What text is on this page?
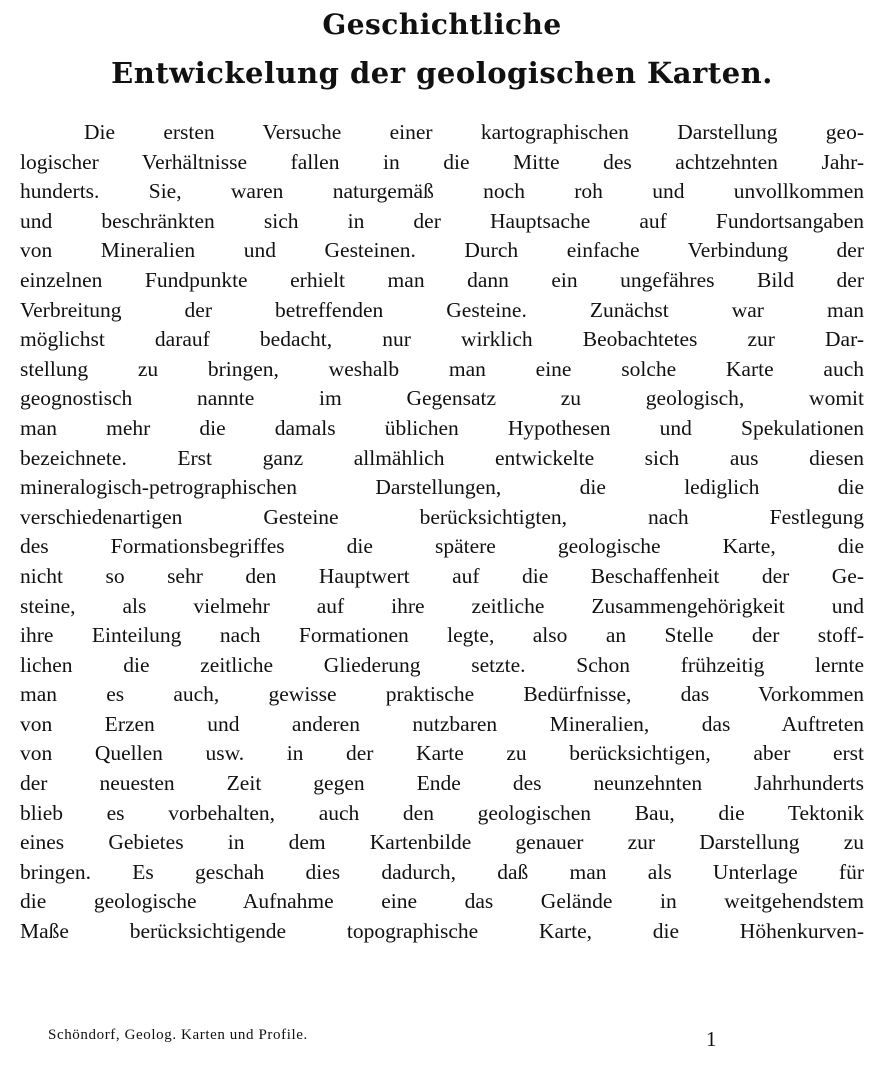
Geschichtliche
Entwickelung der geologischen Karten.
Die ersten Versuche einer kartographischen Darstellung geo-
logischer Verhältnisse fallen in die Mitte des achtzehnten Jahr-
hunderts. Sie, waren naturgemäß noch roh und unvollkommen
und beschränkten sich in der Hauptsache auf Fundortsangaben
von Mineralien und Gesteinen. Durch einfache Verbindung der
einzelnen Fundpunkte erhielt man dann ein ungefähres Bild der
Verbreitung der betreffenden Gesteine. Zunächst war man
möglichst darauf bedacht, nur wirklich Beobachtetes zur Dar-
stellung zu bringen, weshalb man eine solche Karte auch
geognostisch nannte im Gegensatz zu geologisch, womit
man mehr die damals üblichen Hypothesen und Spekulationen
bezeichnete. Erst ganz allmählich entwickelte sich aus diesen
mineralogisch-petrographischen Darstellungen, die lediglich die
verschiedenartigen Gesteine berücksichtigten, nach Festlegung
des Formationsbegriffes die spätere geologische Karte, die
nicht so sehr den Hauptwert auf die Beschaffenheit der Ge-
steine, als vielmehr auf ihre zeitliche Zusammengehörigkeit und
ihre Einteilung nach Formationen legte, also an Stelle der stoff-
lichen die zeitliche Gliederung setzte. Schon frühzeitig lernte
man es auch, gewisse praktische Bedürfnisse, das Vorkommen
von Erzen und anderen nutzbaren Mineralien, das Auftreten
von Quellen usw. in der Karte zu berücksichtigen, aber erst
der neuesten Zeit gegen Ende des neunzehnten Jahrhunderts
blieb es vorbehalten, auch den geologischen Bau, die Tektonik
eines Gebietes in dem Kartenbilde genauer zur Darstellung zu
bringen. Es geschah dies dadurch, daß man als Unterlage für
die geologische Aufnahme eine das Gelände in weitgehendstem
Maße berücksichtigende topographische Karte, die Höhenkurven-
Schöndorf, Geolog. Karten und Profile.	1
